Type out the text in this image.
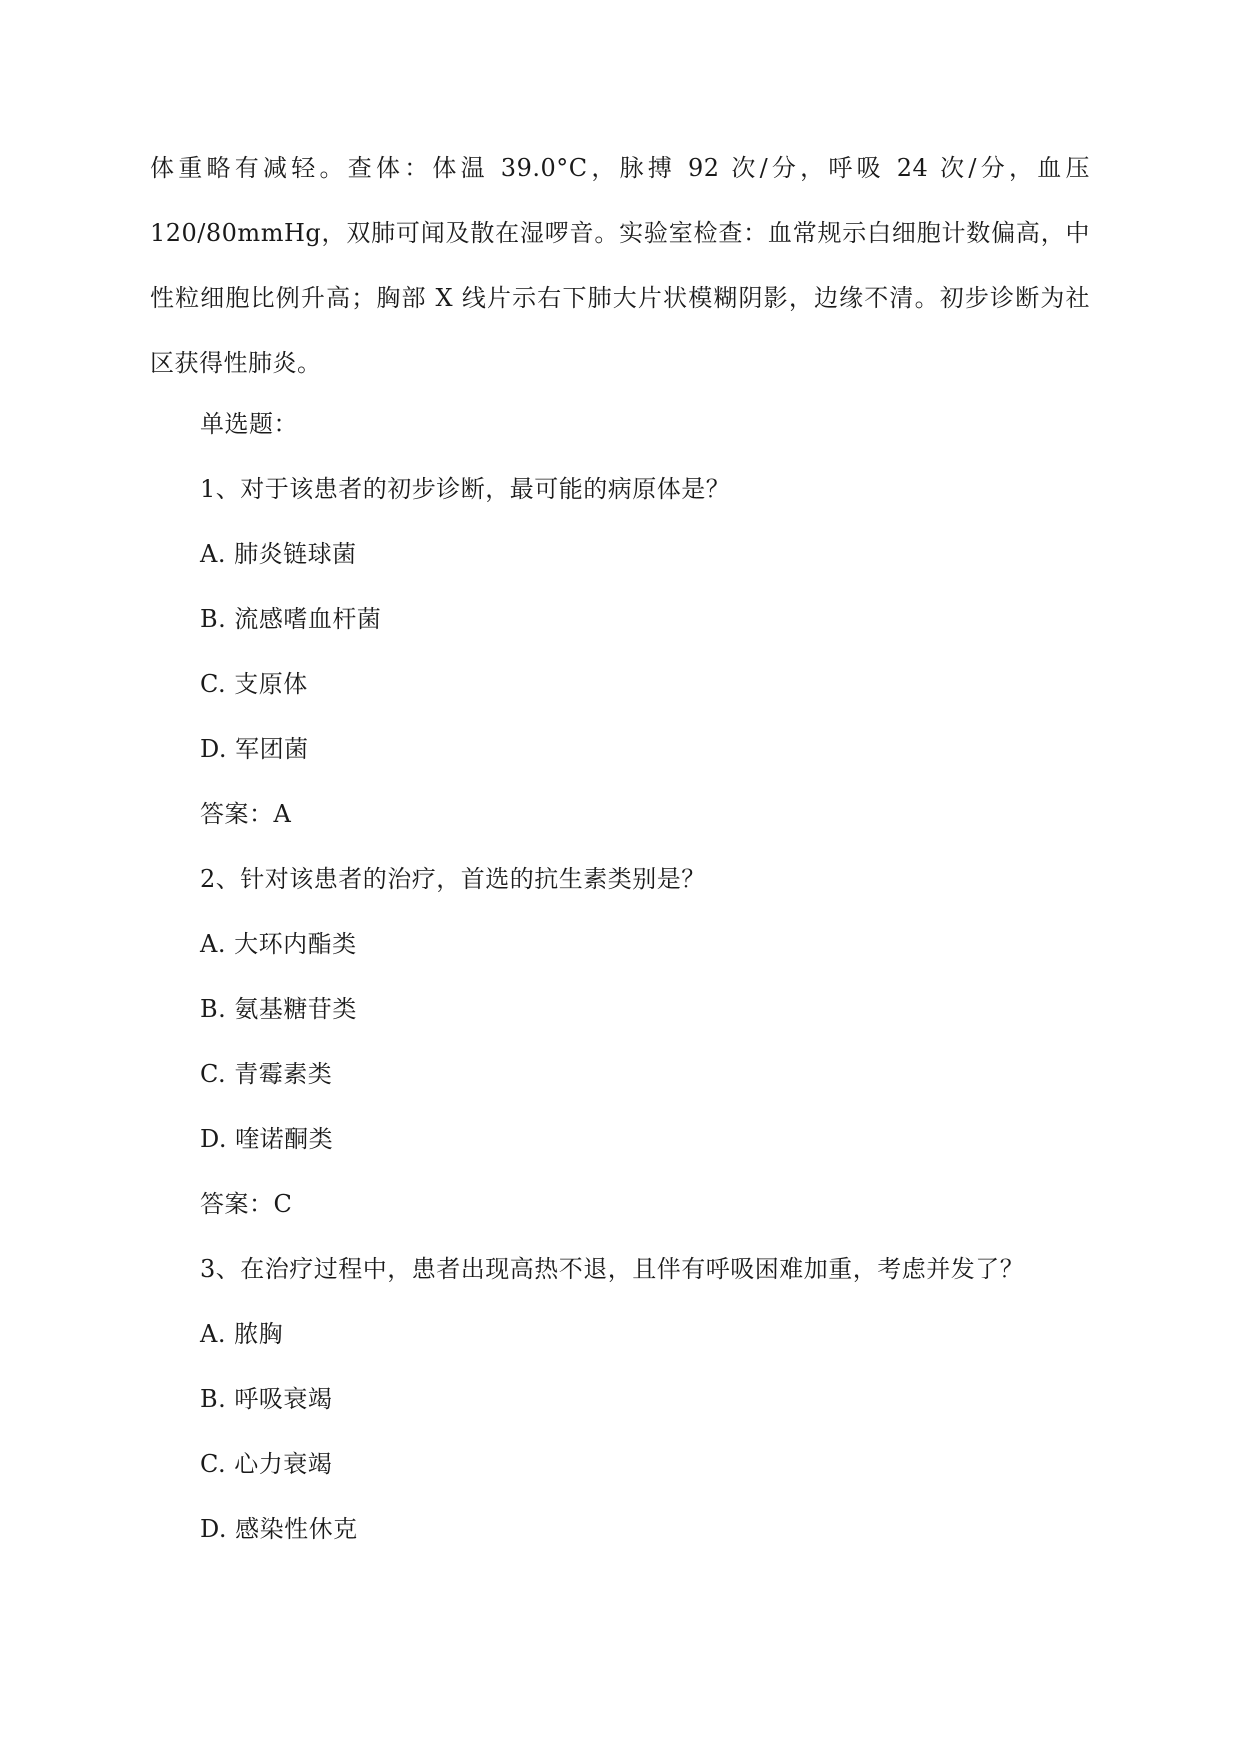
体重略有减轻。查体：体温 39.0°C，脉搏 92 次/分，呼吸 24 次/分，血压 120/80mmHg，双肺可闻及散在湿啰音。实验室检查：血常规示白细胞计数偏高，中性粒细胞比例升高；胸部 X 线片示右下肺大片状模糊阴影，边缘不清。初步诊断为社区获得性肺炎。

单选题：

1、对于该患者的初步诊断，最可能的病原体是？

A. 肺炎链球菌

B. 流感嗜血杆菌

C. 支原体

D. 军团菌

答案：A

2、针对该患者的治疗，首选的抗生素类别是？

A. 大环内酯类

B. 氨基糖苷类

C. 青霉素类

D. 喹诺酮类

答案：C

3、在治疗过程中，患者出现高热不退，且伴有呼吸困难加重，考虑并发了？

A. 脓胸

B. 呼吸衰竭

C. 心力衰竭

D. 感染性休克
